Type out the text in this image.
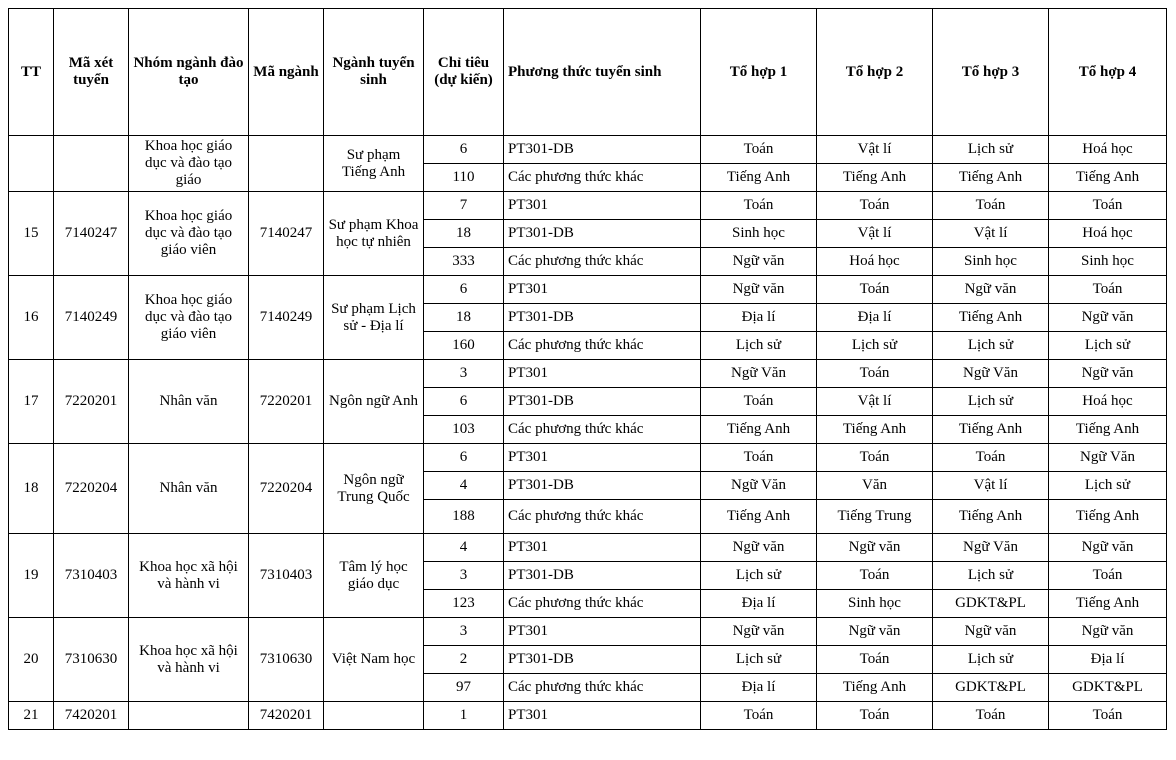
TT	Mã xét tuyển	Nhóm ngành đào tạo	Mã ngành	Ngành tuyển sinh	Chỉ tiêu (dự kiến)	Phương thức tuyển sinh	Tổ hợp 1	Tổ hợp 2	Tổ hợp 3	Tổ hợp 4

		Khoa học giáo dục và đào tạo giáo		Sư phạm Tiếng Anh	6	PT301-DB	Toán	Vật lí	Lịch sử	Hoá học
					110	Các phương thức khác	Tiếng Anh	Tiếng Anh	Tiếng Anh	Tiếng Anh
15	7140247	Khoa học giáo dục và đào tạo giáo viên	7140247	Sư phạm Khoa học tự nhiên	7	PT301	Toán	Toán	Toán	Toán
					18	PT301-DB	Sinh học	Vật lí	Vật lí	Hoá học
					333	Các phương thức khác	Ngữ văn	Hoá học	Sinh học	Sinh học
16	7140249	Khoa học giáo dục và đào tạo giáo viên	7140249	Sư phạm Lịch sử - Địa lí	6	PT301	Ngữ văn	Toán	Ngữ văn	Toán
					18	PT301-DB	Địa lí	Địa lí	Tiếng Anh	Ngữ văn
					160	Các phương thức khác	Lịch sử	Lịch sử	Lịch sử	Lịch sử
17	7220201	Nhân văn	7220201	Ngôn ngữ Anh	3	PT301	Ngữ Văn	Toán	Ngữ Văn	Ngữ văn
					6	PT301-DB	Toán	Vật lí	Lịch sử	Hoá học
					103	Các phương thức khác	Tiếng Anh	Tiếng Anh	Tiếng Anh	Tiếng Anh
18	7220204	Nhân văn	7220204	Ngôn ngữ Trung Quốc	6	PT301	Toán	Toán	Toán	Ngữ Văn
					4	PT301-DB	Ngữ Văn	Văn	Vật lí	Lịch sử
					188	Các phương thức khác	Tiếng Anh	Tiếng Trung	Tiếng Anh	Tiếng Anh
19	7310403	Khoa học xã hội và hành vi	7310403	Tâm lý học giáo dục	4	PT301	Ngữ văn	Ngữ văn	Ngữ Văn	Ngữ văn
					3	PT301-DB	Lịch sử	Toán	Lịch sử	Toán
					123	Các phương thức khác	Địa lí	Sinh học	GDKT&PL	Tiếng Anh
20	7310630	Khoa học xã hội và hành vi	7310630	Việt Nam học	3	PT301	Ngữ văn	Ngữ văn	Ngữ văn	Ngữ văn
					2	PT301-DB	Lịch sử	Toán	Lịch sử	Địa lí
					97	Các phương thức khác	Địa lí	Tiếng Anh	GDKT&PL	GDKT&PL
21	7420201		7420201		1	PT301	Toán	Toán	Toán	Toán
